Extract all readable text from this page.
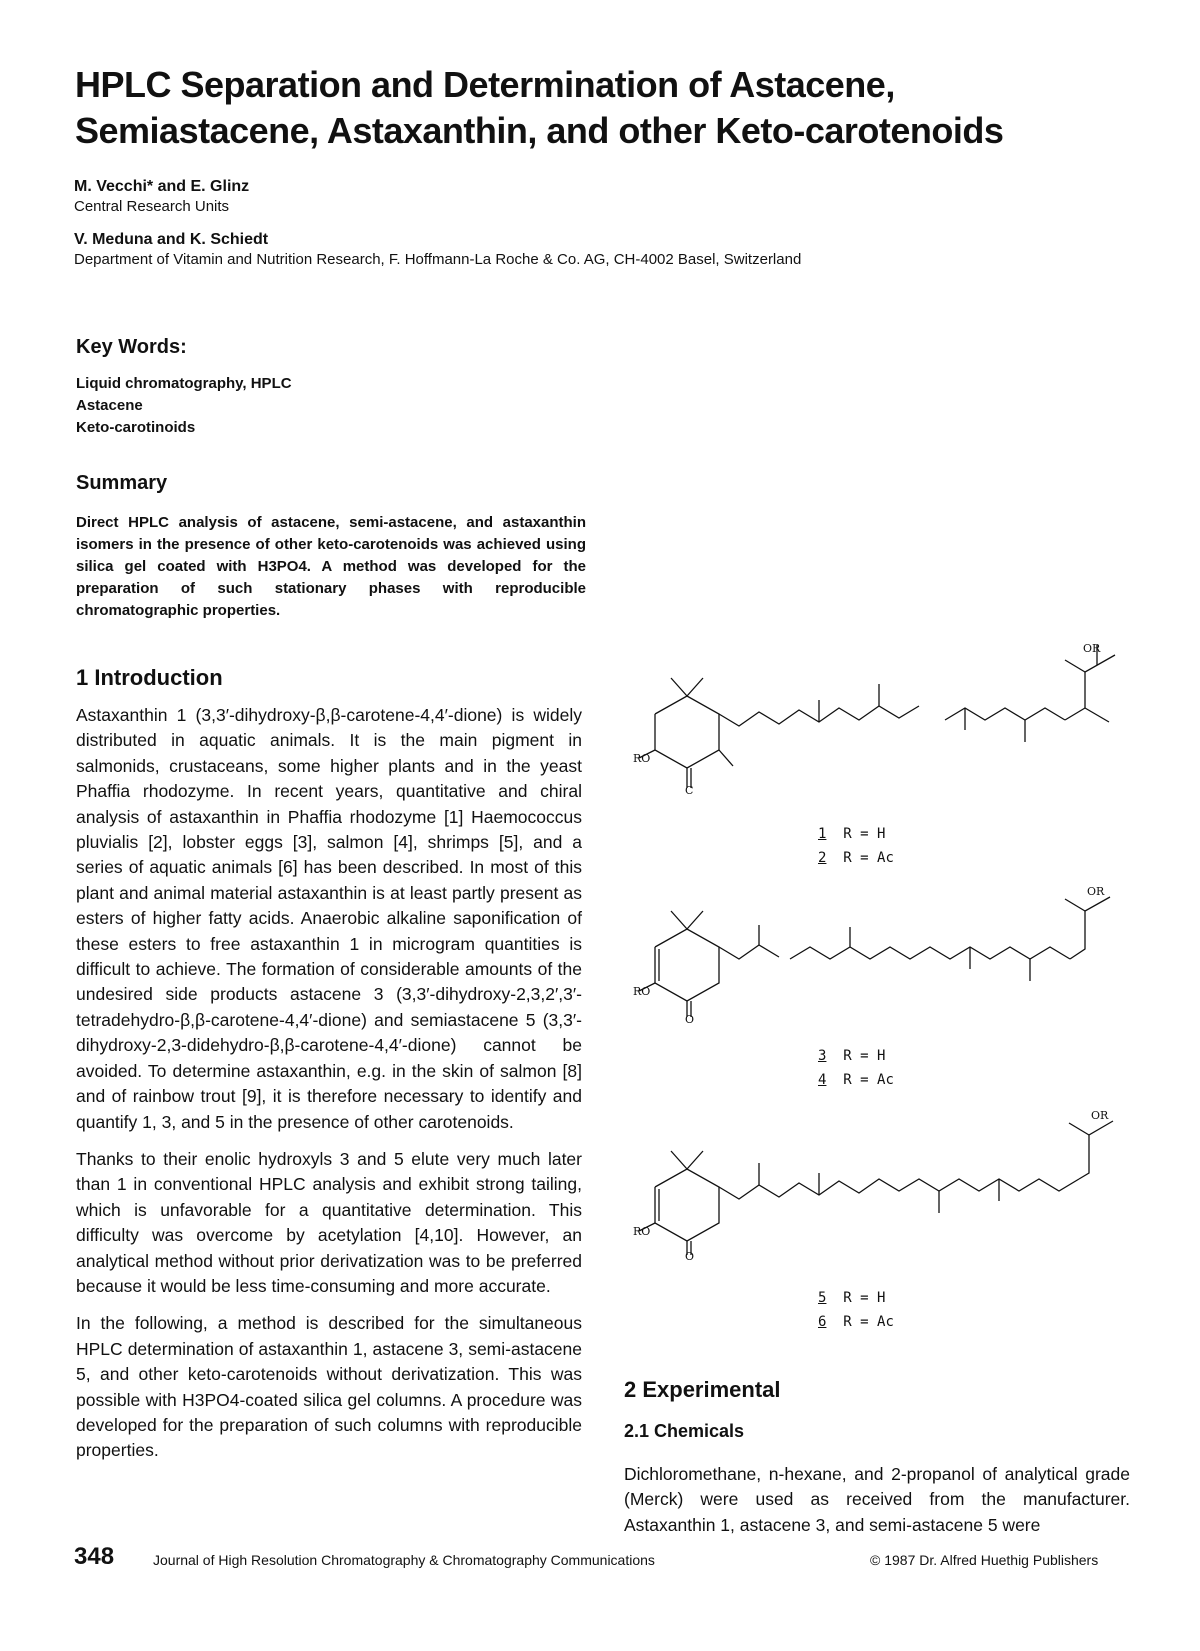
HPLC Separation and Determination of Astacene, Semiastacene, Astaxanthin, and other Keto-carotenoids
M. Vecchi* and E. Glinz
Central Research Units
V. Meduna and K. Schiedt
Department of Vitamin and Nutrition Research, F. Hoffmann-La Roche & Co. AG, CH-4002 Basel, Switzerland
Key Words:
Liquid chromatography, HPLC
Astacene
Keto-carotinoids
Summary
Direct HPLC analysis of astacene, semi-astacene, and astaxanthin isomers in the presence of other keto-carotenoids was achieved using silica gel coated with H3PO4. A method was developed for the preparation of such stationary phases with reproducible chromatographic properties.
1 Introduction

Astaxanthin 1 (3,3′-dihydroxy-β,β-carotene-4,4′-dione) is widely distributed in aquatic animals. It is the main pigment in salmonids, crustaceans, some higher plants and in the yeast Phaffia rhodozyme. In recent years, quantitative and chiral analysis of astaxanthin in Phaffia rhodozyme [1] Haemococcus pluvialis [2], lobster eggs [3], salmon [4], shrimps [5], and a series of aquatic animals [6] has been described. In most of this plant and animal material astaxanthin is at least partly present as esters of higher fatty acids. Anaerobic alkaline saponification of these esters to free astaxanthin 1 in microgram quantities is difficult to achieve. The formation of considerable amounts of the undesired side products astacene 3 (3,3′-dihydroxy-2,3,2′,3′-tetradehydro-β,β-carotene-4,4′-dione) and semiastacene 5 (3,3′-dihydroxy-2,3-didehydro-β,β-carotene-4,4′-dione) cannot be avoided. To determine astaxanthin, e.g. in the skin of salmon [8] and of rainbow trout [9], it is therefore necessary to identify and quantify 1, 3, and 5 in the presence of other carotenoids.

Thanks to their enolic hydroxyls 3 and 5 elute very much later than 1 in conventional HPLC analysis and exhibit strong tailing, which is unfavorable for a quantitative determination. This difficulty was overcome by acetylation [4,10]. However, an analytical method without prior derivatization was to be preferred because it would be less time-consuming and more accurate.

In the following, a method is described for the simultaneous HPLC determination of astaxanthin 1, astacene 3, semi-astacene 5, and other keto-carotenoids without derivatization. This was possible with H3PO4-coated silica gel columns. A procedure was developed for the preparation of such columns with reproducible properties.

RO
C
OR
1 R = H
2 R = Ac
RO
O
OR
3 R = H
4 R = Ac
RO
O
OR
5 R = H
6 R = Ac
2 Experimental
2.1 Chemicals
Dichloromethane, n-hexane, and 2-propanol of analytical grade (Merck) were used as received from the manufacturer. Astaxanthin 1, astacene 3, and semi-astacene 5 were
348	Journal of High Resolution Chromatography & Chromatography Communications	© 1987 Dr. Alfred Huethig Publishers
